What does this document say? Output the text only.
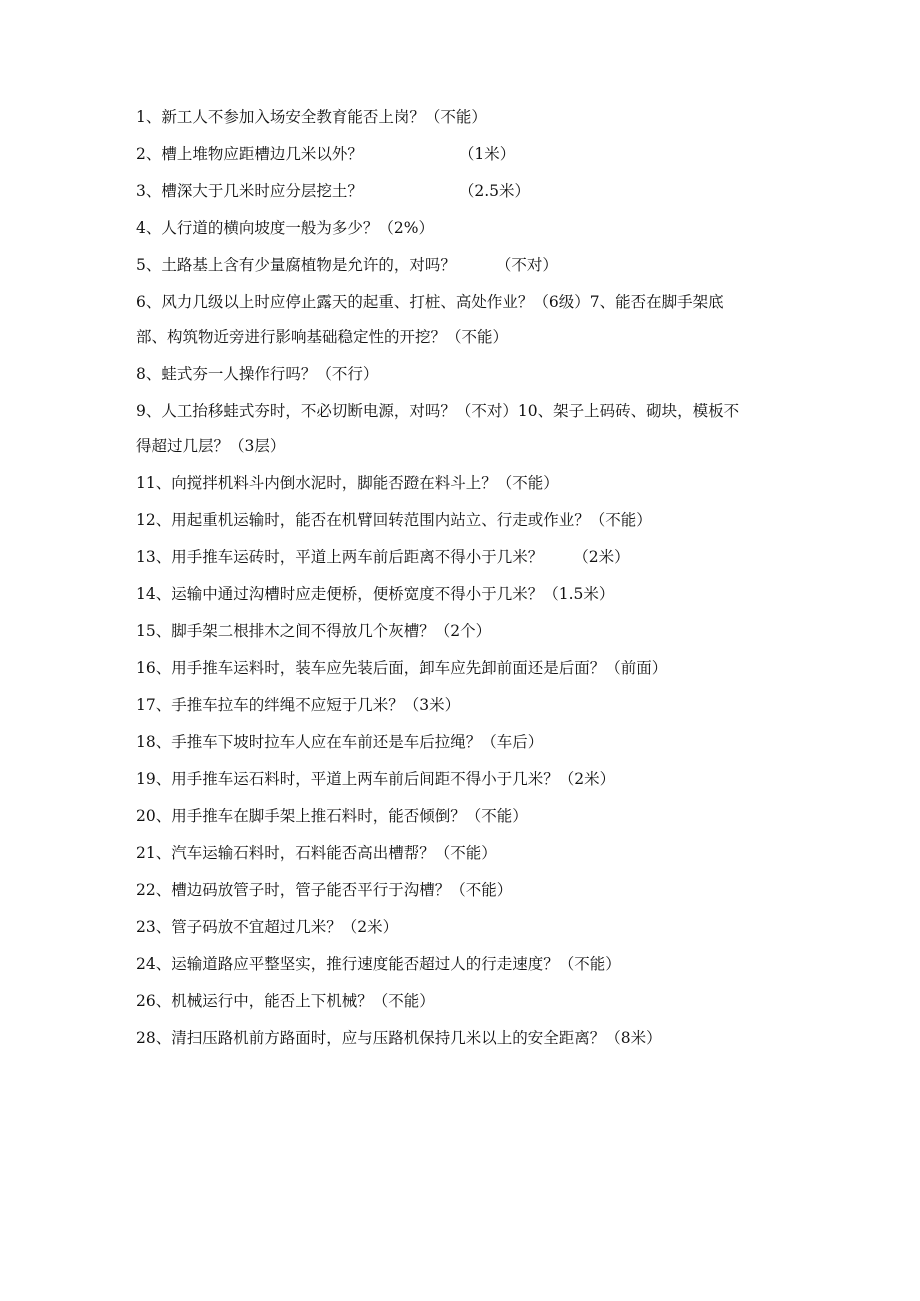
1、新工人不参加入场安全教育能否上岗？（不能）
2、槽上堆物应距槽边几米以外？	（1米）
3、槽深大于几米时应分层挖土？	（2.5米）
4、人行道的横向坡度一般为多少？（2%）
5、土路基上含有少量腐植物是允许的，对吗？	（不对）
6、风力几级以上时应停止露天的起重、打桩、高处作业？（6级）7、能否在脚手架底
部、构筑物近旁进行影响基础稳定性的开挖？（不能）
8、蛙式夯一人操作行吗？（不行）
9、人工抬移蛙式夯时，不必切断电源，对吗？（不对）10、架子上码砖、砌块，模板不
得超过几层？（3层）
11、向搅拌机料斗内倒水泥时，脚能否蹬在料斗上？（不能）
12、用起重机运输时，能否在机臂回转范围内站立、行走或作业？（不能）
13、用手推车运砖时，平道上两车前后距离不得小于几米？ （2米）
14、运输中通过沟槽时应走便桥，便桥宽度不得小于几米？（1.5米）
15、脚手架二根排木之间不得放几个灰槽？（2个）
16、用手推车运料时，装车应先装后面，卸车应先卸前面还是后面？（前面）
17、手推车拉车的绊绳不应短于几米？（3米）
18、手推车下坡时拉车人应在车前还是车后拉绳？（车后）
19、用手推车运石料时，平道上两车前后间距不得小于几米？（2米）
20、用手推车在脚手架上推石料时，能否倾倒？（不能）
21、汽车运输石料时，石料能否高出槽帮？（不能）
22、槽边码放管子时，管子能否平行于沟槽？（不能）
23、管子码放不宜超过几米？（2米）
24、运输道路应平整坚实，推行速度能否超过人的行走速度？（不能）
26、机械运行中，能否上下机械？（不能）
28、清扫压路机前方路面时，应与压路机保持几米以上的安全距离？（8米）
